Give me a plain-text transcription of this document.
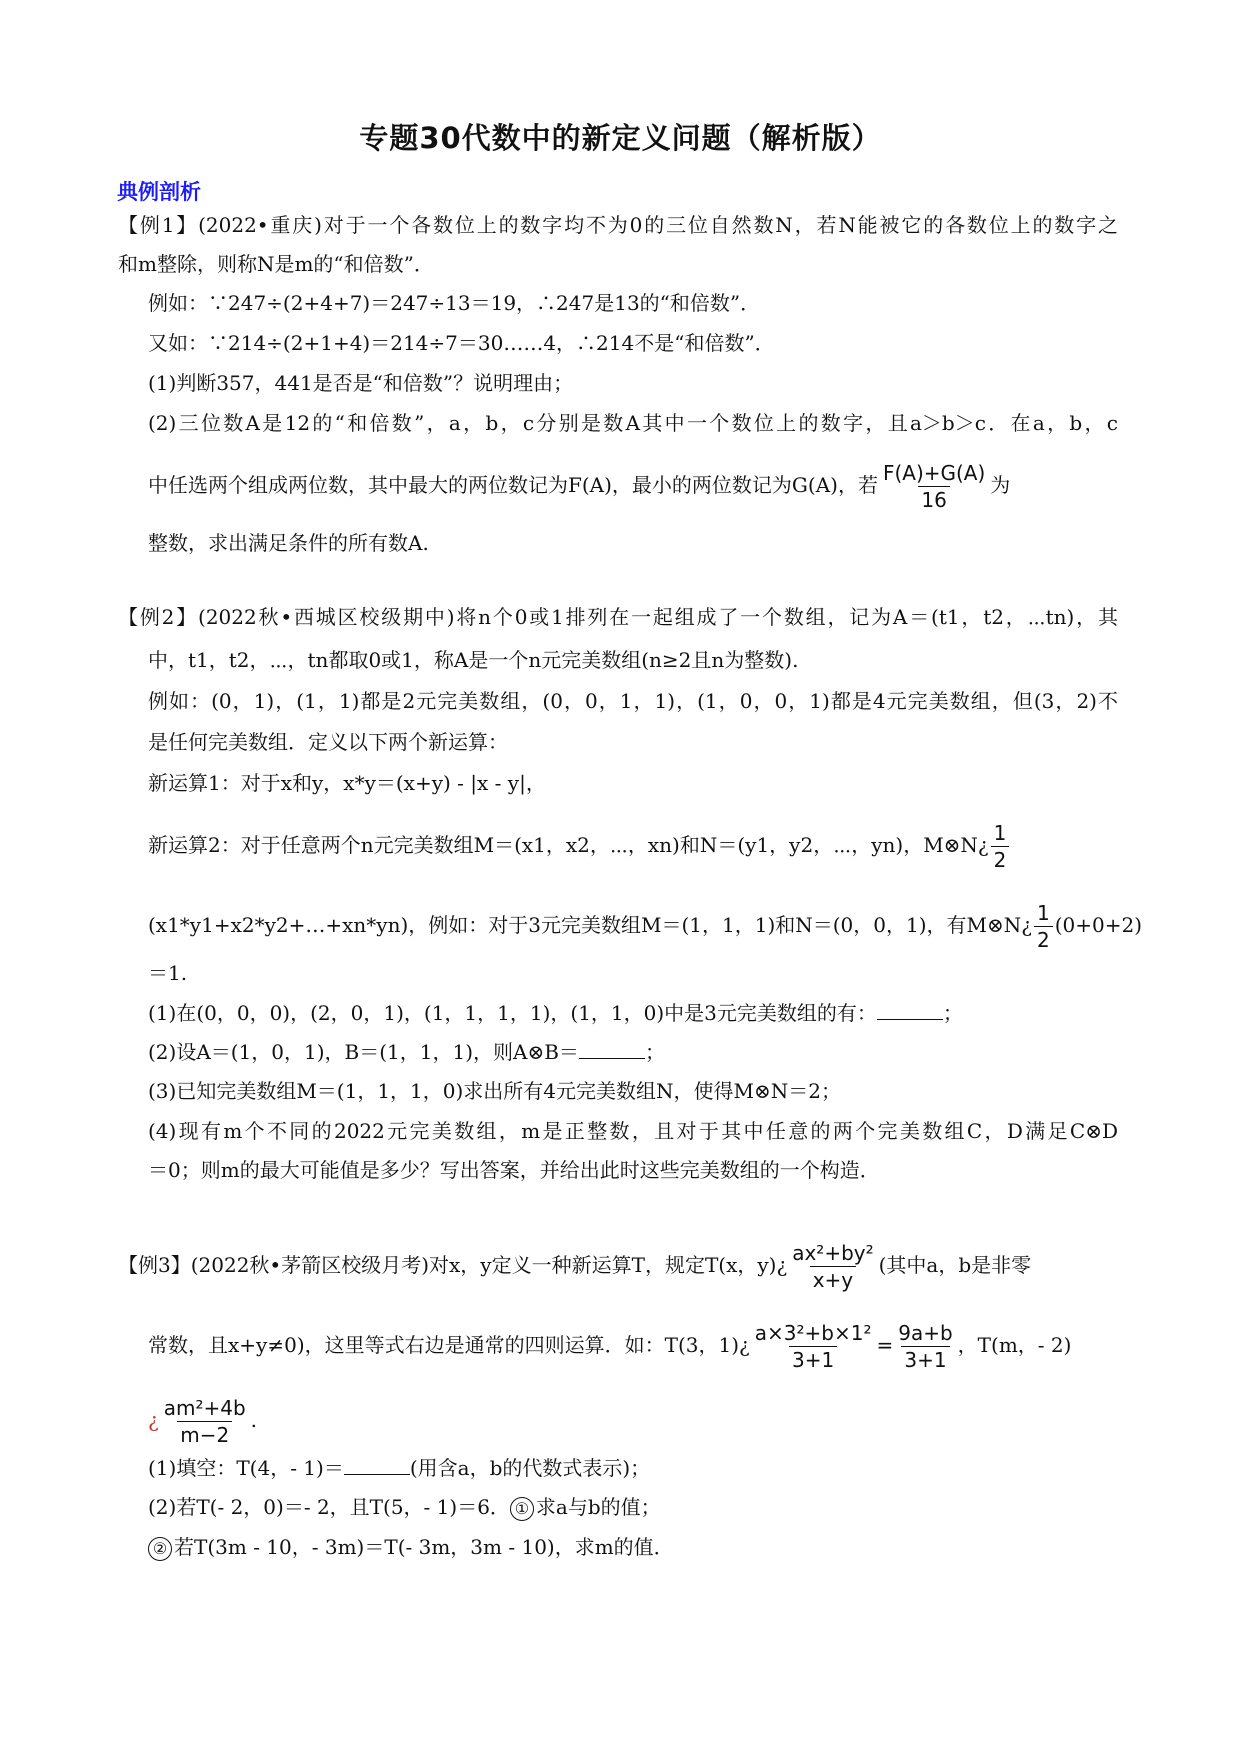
专题30代数中的新定义问题（解析版）
典例剖析
【例1】(2022•重庆)对于一个各数位上的数字均不为0的三位自然数N，若N能被它的各数位上的数字之
和m整除，则称N是m的“和倍数”．
例如：∵247÷(2+4+7)＝247÷13＝19，∴247是13的“和倍数”．
又如：∵214÷(2+1+4)＝214÷7＝30……4，∴214不是“和倍数”．
(1)判断357，441是否是“和倍数”？说明理由；
(2)三位数A是12的“和倍数”，a，b，c分别是数A其中一个数位上的数字，且a＞b＞c．在a，b，c
中任选两个组成两位数，其中最大的两位数记为F(A)，最小的两位数记为G(A)，若 $\frac{F(A)+G(A)}{16}$ 为
整数，求出满足条件的所有数A.
【例2】(2022秋•西城区校级期中)将n个0或1排列在一起组成了一个数组，记为A＝(t1，t2，⋯tn)，其
中，t1，t2，⋯，tn都取0或1，称A是一个n元完美数组(n≥2且n为整数).
例如：(0，1)，(1，1)都是2元完美数组，(0，0，1，1)，(1，0，0，1)都是4元完美数组，但(3，2)不
是任何完美数组．定义以下两个新运算：
新运算1：对于x和y，x*y＝(x+y) - |x - y|，
新运算2：对于任意两个n元完美数组M＝(x1，x2，⋯，xn)和N＝(y1，y2，⋯，yn)，M⊗N¿ $\frac{1}{2}$
(x1*y1+x2*y2+…+xn*yn)，例如：对于3元完美数组M＝(1，1，1)和N＝(0，0，1)，有M⊗N¿ $\frac{1}{2} (0+0+2)$
＝1.
(1)在(0，0，0)，(2，0，1)，(1，1，1，1)，(1，1，0)中是3元完美数组的有：	；
(2)设A＝(1，0，1)，B＝(1，1，1)，则A⊗B＝	；
(3)已知完美数组M＝(1，1，1，0)求出所有4元完美数组N，使得M⊗N＝2；
(4)现有m个不同的2022元完美数组，m是正整数，且对于其中任意的两个完美数组C，D满足C⊗D
＝0；则m的最大可能值是多少？写出答案，并给出此时这些完美数组的一个构造．
【例3】(2022秋•茅箭区校级月考)对x，y定义一种新运算T，规定T(x，y)¿ $\frac{\text{ax²+by²}}{x+y}$ (其中a，b是非零
常数，且x+y≠0)，这里等式右边是通常的四则运算．如：T(3，1)¿ $\frac{\text{a×3²+b×1²}}{3+1} = \frac{9a+b}{3+1}$ ，T(m，- 2)
¿ $\frac{\text{am²+4b}}{m-2}$ .
(1)填空：T(4，- 1)＝	(用含a，b的代数式表示)；
(2)若T(- 2，0)＝- 2，且T(5，- 1)＝6． ① 求a与b的值；
② 若T(3m - 10，- 3m)＝T(- 3m，3m - 10)，求m的值．
